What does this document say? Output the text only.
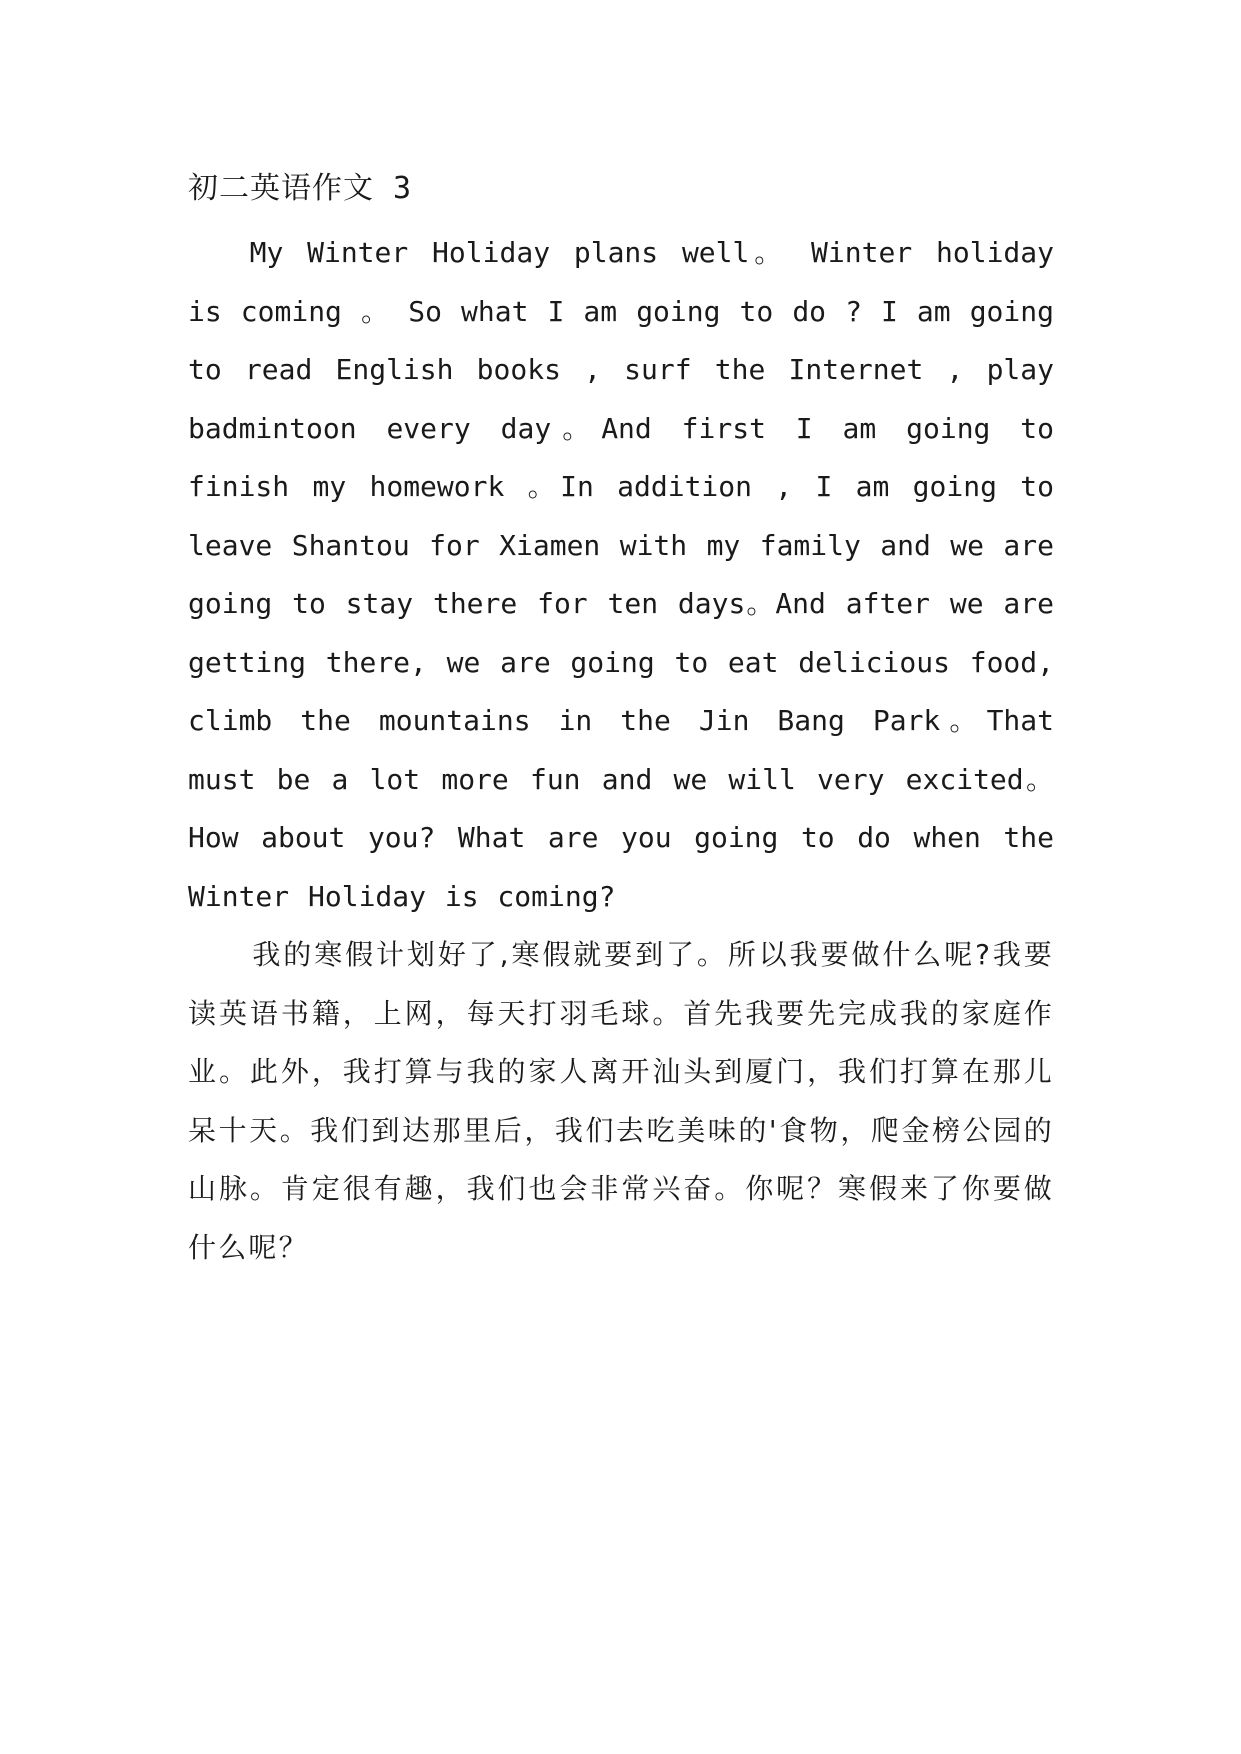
初二英语作文 3

My Winter Holiday plans well。 Winter holiday is coming 。 So what I am going to do ? I am going to read English books , surf the Internet , play badmintoon every day。And first I am going to finish my homework 。In addition , I am going to leave Shantou for Xiamen with my family and we are going to stay there for ten days。And after we are getting there, we are going to eat delicious food, climb the mountains in the Jin Bang Park。That must be a lot more fun and we will very excited。How about you? What are you going to do when the Winter Holiday is coming?

我的寒假计划好了,寒假就要到了。所以我要做什么呢?我要读英语书籍，上网，每天打羽毛球。首先我要先完成我的家庭作业。此外，我打算与我的家人离开汕头到厦门，我们打算在那儿呆十天。我们到达那里后，我们去吃美味的'食物，爬金榜公园的山脉。肯定很有趣，我们也会非常兴奋。你呢？寒假来了你要做什么呢？
